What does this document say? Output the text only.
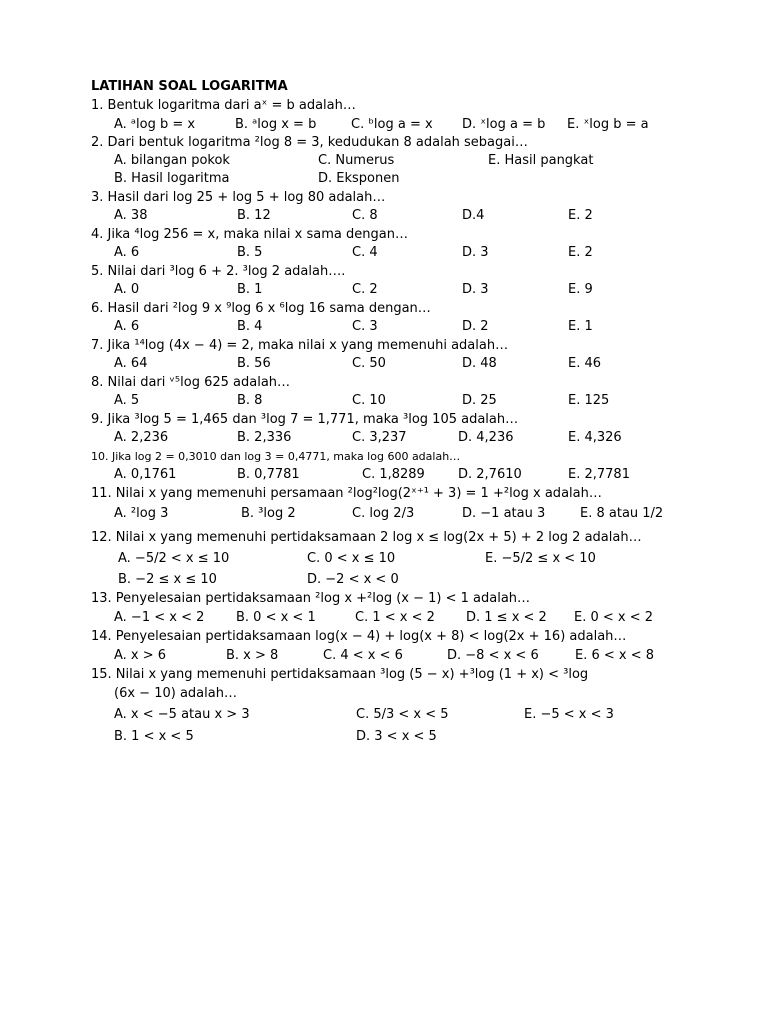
LATIHAN SOAL LOGARITMA
1. Bentuk logaritma dari aˣ = b adalah…
A. ᵃlog b = x	B. ᵃlog x = b	C. ᵇlog a = x D. ˣlog a = b E. ˣlog b = a
2. Dari bentuk logaritma ²log 8 = 3, kedudukan 8 adalah sebagai…
A. bilangan pokok	C. Numerus	E. Hasil pangkat
B. Hasil logaritma	D. Eksponen
3. Hasil dari log 25 + log 5 + log 80 adalah…
A. 38	B. 12	C. 8	D.4	E. 2
4. Jika ⁴log 256 = x, maka nilai x sama dengan…
A. 6	B. 5	C. 4	D. 3	E. 2
5. Nilai dari ³log 6 + 2. ³log 2 adalah….
A. 0	B. 1	C. 2	D. 3	E. 9
6. Hasil dari ²log 9 x ⁹log 6 x ⁶log 16 sama dengan…
A. 6	B. 4	C. 3	D. 2	E. 1
7. Jika ¹⁴log (4x − 4) = 2, maka nilai x yang memenuhi adalah…
A. 64	B. 56	C. 50	D. 48	E. 46
8. Nilai dari ᵛ⁵log 625 adalah…
A. 5	B. 8	C. 10	D. 25	E. 125
9. Jika ³log 5 = 1,465 dan ³log 7 = 1,771, maka ³log 105 adalah…
A. 2,236	B. 2,336	C. 3,237	D. 4,236	E. 4,326
10. Jika log 2 = 0,3010 dan log 3 = 0,4771, maka log 600 adalah…
A. 0,1761	B. 0,7781	C. 1,8289	D. 2,7610	E. 2,7781
11. Nilai x yang memenuhi persamaan ²log²log(2ˣ⁺¹ + 3) = 1 +²log x adalah…
A. ²log 3	B. ³log 2	C. log 2/3	D. −1 atau 3	E. 8 atau 1/2
12. Nilai x yang memenuhi pertidaksamaan 2 log x ≤ log(2x + 5) + 2 log 2 adalah…
A. −5/2 < x ≤ 10	C. 0 < x ≤ 10	E. −5/2 ≤ x < 10
B. −2 ≤ x ≤ 10	D. −2 < x < 0
13. Penyelesaian pertidaksamaan ²log x +²log (x − 1) < 1 adalah…
A. −1 < x < 2 B. 0 < x < 1	C. 1 < x < 2 D. 1 ≤ x < 2 E. 0 < x < 2
14. Penyelesaian pertidaksamaan log(x − 4) + log(x + 8) < log(2x + 16) adalah…
A. x > 6	B. x > 8	C. 4 < x < 6	D. −8 < x < 6	E. 6 < x < 8
15. Nilai x yang memenuhi pertidaksamaan ³log (5 − x) +³log (1 + x) < ³log
(6x − 10) adalah…
A. x < −5 atau x > 3	C. 5/3 < x < 5	E. −5 < x < 3
B. 1 < x < 5	D. 3 < x < 5
